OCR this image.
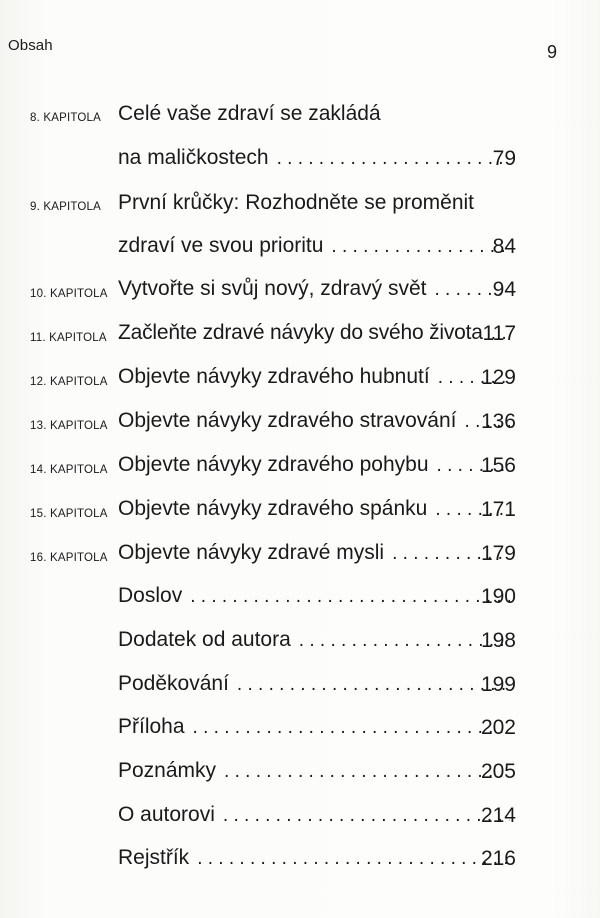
Obsah	9
8. KAPITOLA Celé vaše zdraví se zakládá
na maličkostech . . .	79
9. KAPITOLA První krůčky: Rozhodněte se proměnit
zdraví ve svou prioritu . . .	84
10. KAPITOLA Vytvořte si svůj nový, zdravý svět . . .	94
11. KAPITOLA Začleňte zdravé návyky do svého života . . . 117
12. KAPITOLA Objevte návyky zdravého hubnutí . . .	129
13. KAPITOLA Objevte návyky zdravého stravování . . .	136
14. KAPITOLA Objevte návyky zdravého pohybu . . .	156
15. KAPITOLA Objevte návyky zdravého spánku . . .	171
16. KAPITOLA Objevte návyky zdravé mysli . . .	179
Doslov . . .	190
Dodatek od autora . . .	198
Poděkování . . .	199
Příloha . . .	202
Poznámky . . .	205
O autorovi . . .	214
Rejstřík . . .	216
